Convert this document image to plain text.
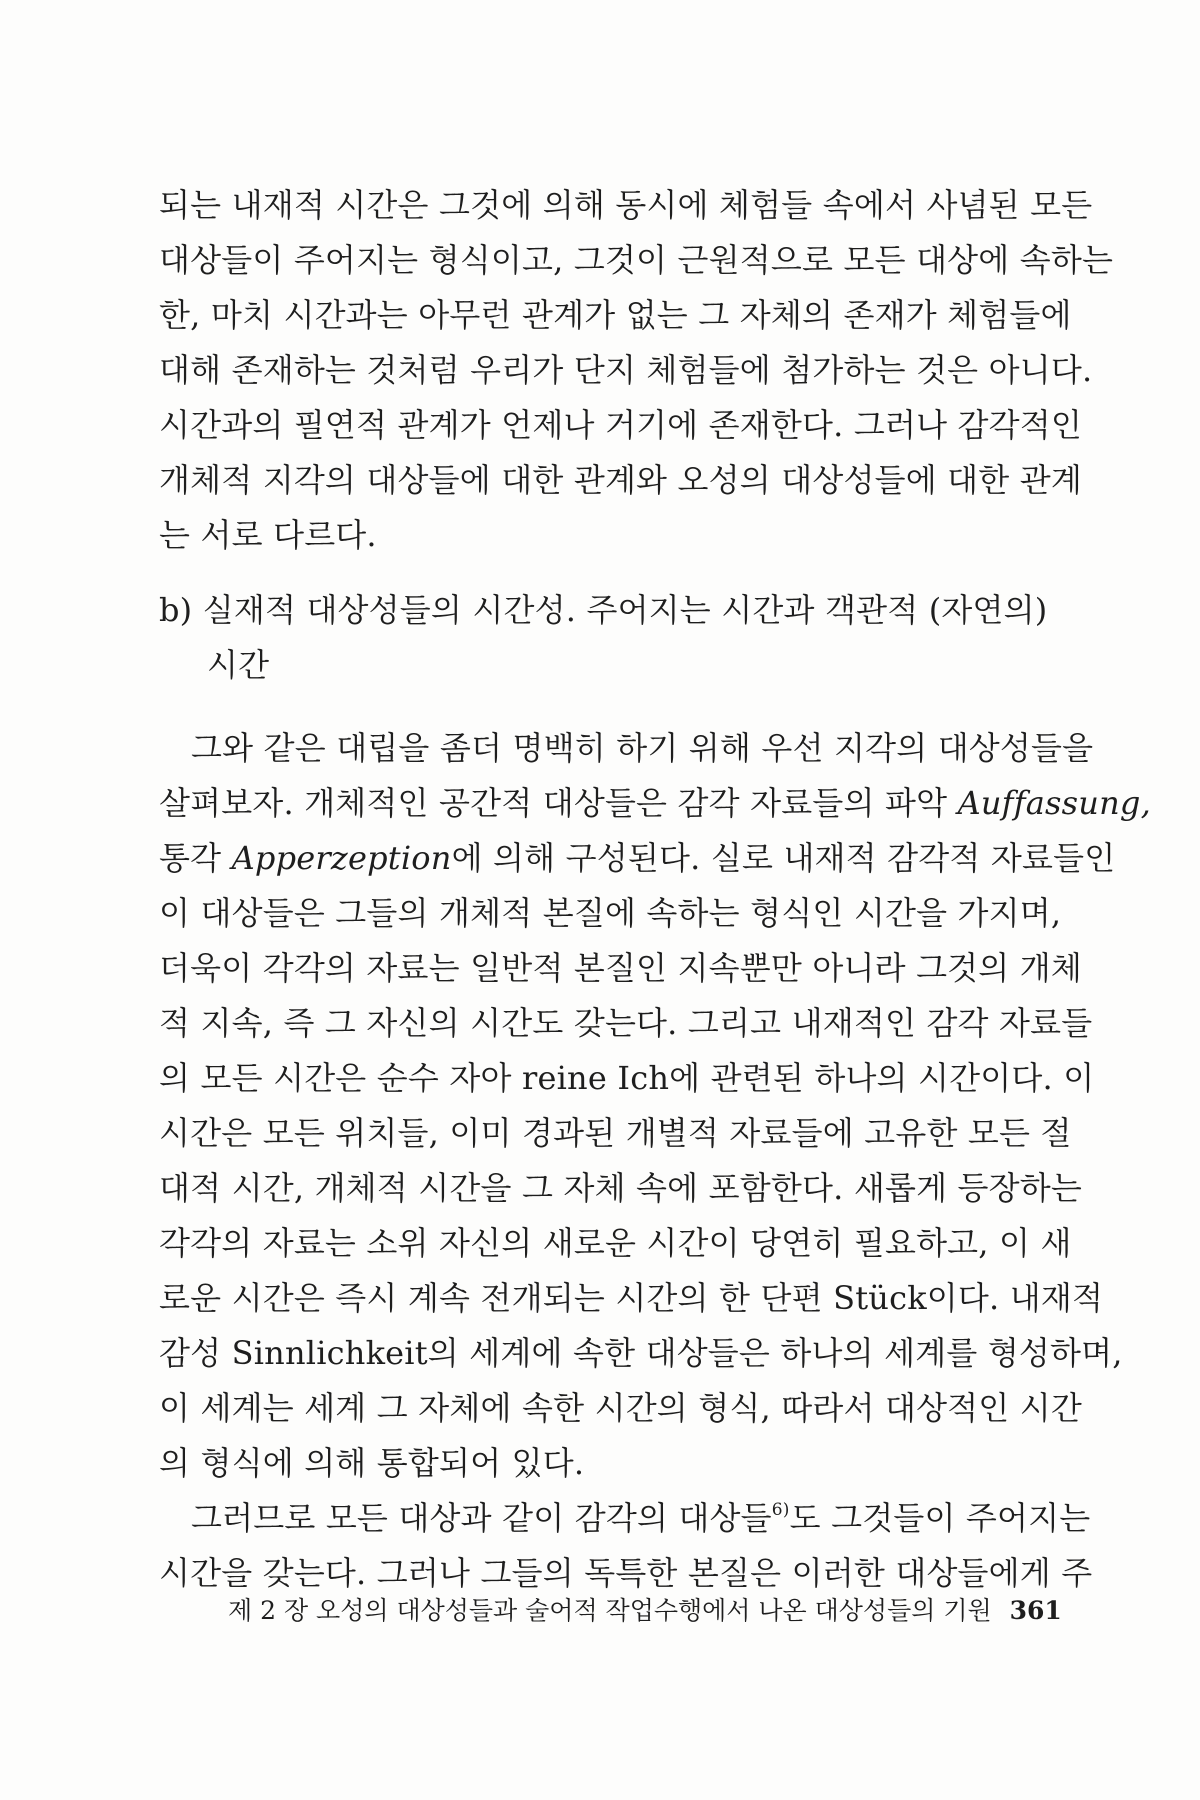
되는 내재적 시간은 그것에 의해 동시에 체험들 속에서 사념된 모든
대상들이 주어지는 형식이고, 그것이 근원적으로 모든 대상에 속하는
한, 마치 시간과는 아무런 관계가 없는 그 자체의 존재가 체험들에
대해 존재하는 것처럼 우리가 단지 체험들에 첨가하는 것은 아니다.
시간과의 필연적 관계가 언제나 거기에 존재한다. 그러나 감각적인
개체적 지각의 대상들에 대한 관계와 오성의 대상성들에 대한 관계
는 서로 다르다.
b) 실재적 대상성들의 시간성. 주어지는 시간과 객관적 (자연의)
시간
그와 같은 대립을 좀더 명백히 하기 위해 우선 지각의 대상성들을
살펴보자. 개체적인 공간적 대상들은 감각 자료들의 파악 Auffassung,
통각 Apperzeption에 의해 구성된다. 실로 내재적 감각적 자료들인
이 대상들은 그들의 개체적 본질에 속하는 형식인 시간을 가지며,
더욱이 각각의 자료는 일반적 본질인 지속뿐만 아니라 그것의 개체
적 지속, 즉 그 자신의 시간도 갖는다. 그리고 내재적인 감각 자료들
의 모든 시간은 순수 자아 reine Ich에 관련된 하나의 시간이다. 이
시간은 모든 위치들, 이미 경과된 개별적 자료들에 고유한 모든 절
대적 시간, 개체적 시간을 그 자체 속에 포함한다. 새롭게 등장하는
각각의 자료는 소위 자신의 새로운 시간이 당연히 필요하고, 이 새
로운 시간은 즉시 계속 전개되는 시간의 한 단편 Stück이다. 내재적
감성 Sinnlichkeit의 세계에 속한 대상들은 하나의 세계를 형성하며,
이 세계는 세계 그 자체에 속한 시간의 형식, 따라서 대상적인 시간
의 형식에 의해 통합되어 있다.
그러므로 모든 대상과 같이 감각의 대상들$^{6)}$도 그것들이 주어지는
시간을 갖는다. 그러나 그들의 독특한 본질은 이러한 대상들에게 주
제 2 장 오성의 대상성들과 술어적 작업수행에서 나온 대상성들의 기원 361
